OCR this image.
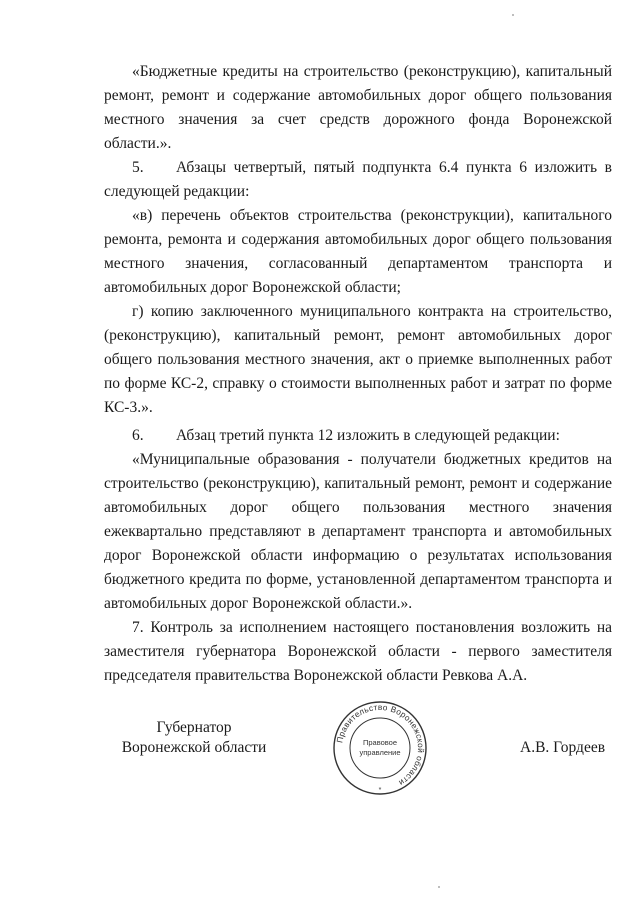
«Бюджетные кредиты на строительство (реконструкцию), капитальный ремонт, ремонт и содержание автомобильных дорог общего пользования местного значения за счет средств дорожного фонда Воронежской области.».

5. Абзацы четвертый, пятый подпункта 6.4 пункта 6 изложить в следующей редакции:

«в) перечень объектов строительства (реконструкции), капитального ремонта, ремонта и содержания автомобильных дорог общего пользования местного значения, согласованный департаментом транспорта и автомобильных дорог Воронежской области;

г) копию заключенного муниципального контракта на строительство, (реконструкцию), капитальный ремонт, ремонт автомобильных дорог общего пользования местного значения, акт о приемке выполненных работ по форме КС-2, справку о стоимости выполненных работ и затрат по форме КС-3.».

6. Абзац третий пункта 12 изложить в следующей редакции:

«Муниципальные образования - получатели бюджетных кредитов на строительство (реконструкцию), капитальный ремонт, ремонт и содержание автомобильных дорог общего пользования местного значения ежеквартально представляют в департамент транспорта и автомобильных дорог Воронежской области информацию о результатах использования бюджетного кредита по форме, установленной департаментом транспорта и автомобильных дорог Воронежской области.».

7. Контроль за исполнением настоящего постановления возложить на заместителя губернатора Воронежской области - первого заместителя председателя правительства Воронежской области Ревкова А.А.

Губернатор
Воронежской области	Правительство Воронежской области
Правовое
управление
*
А.В. Гордеев
